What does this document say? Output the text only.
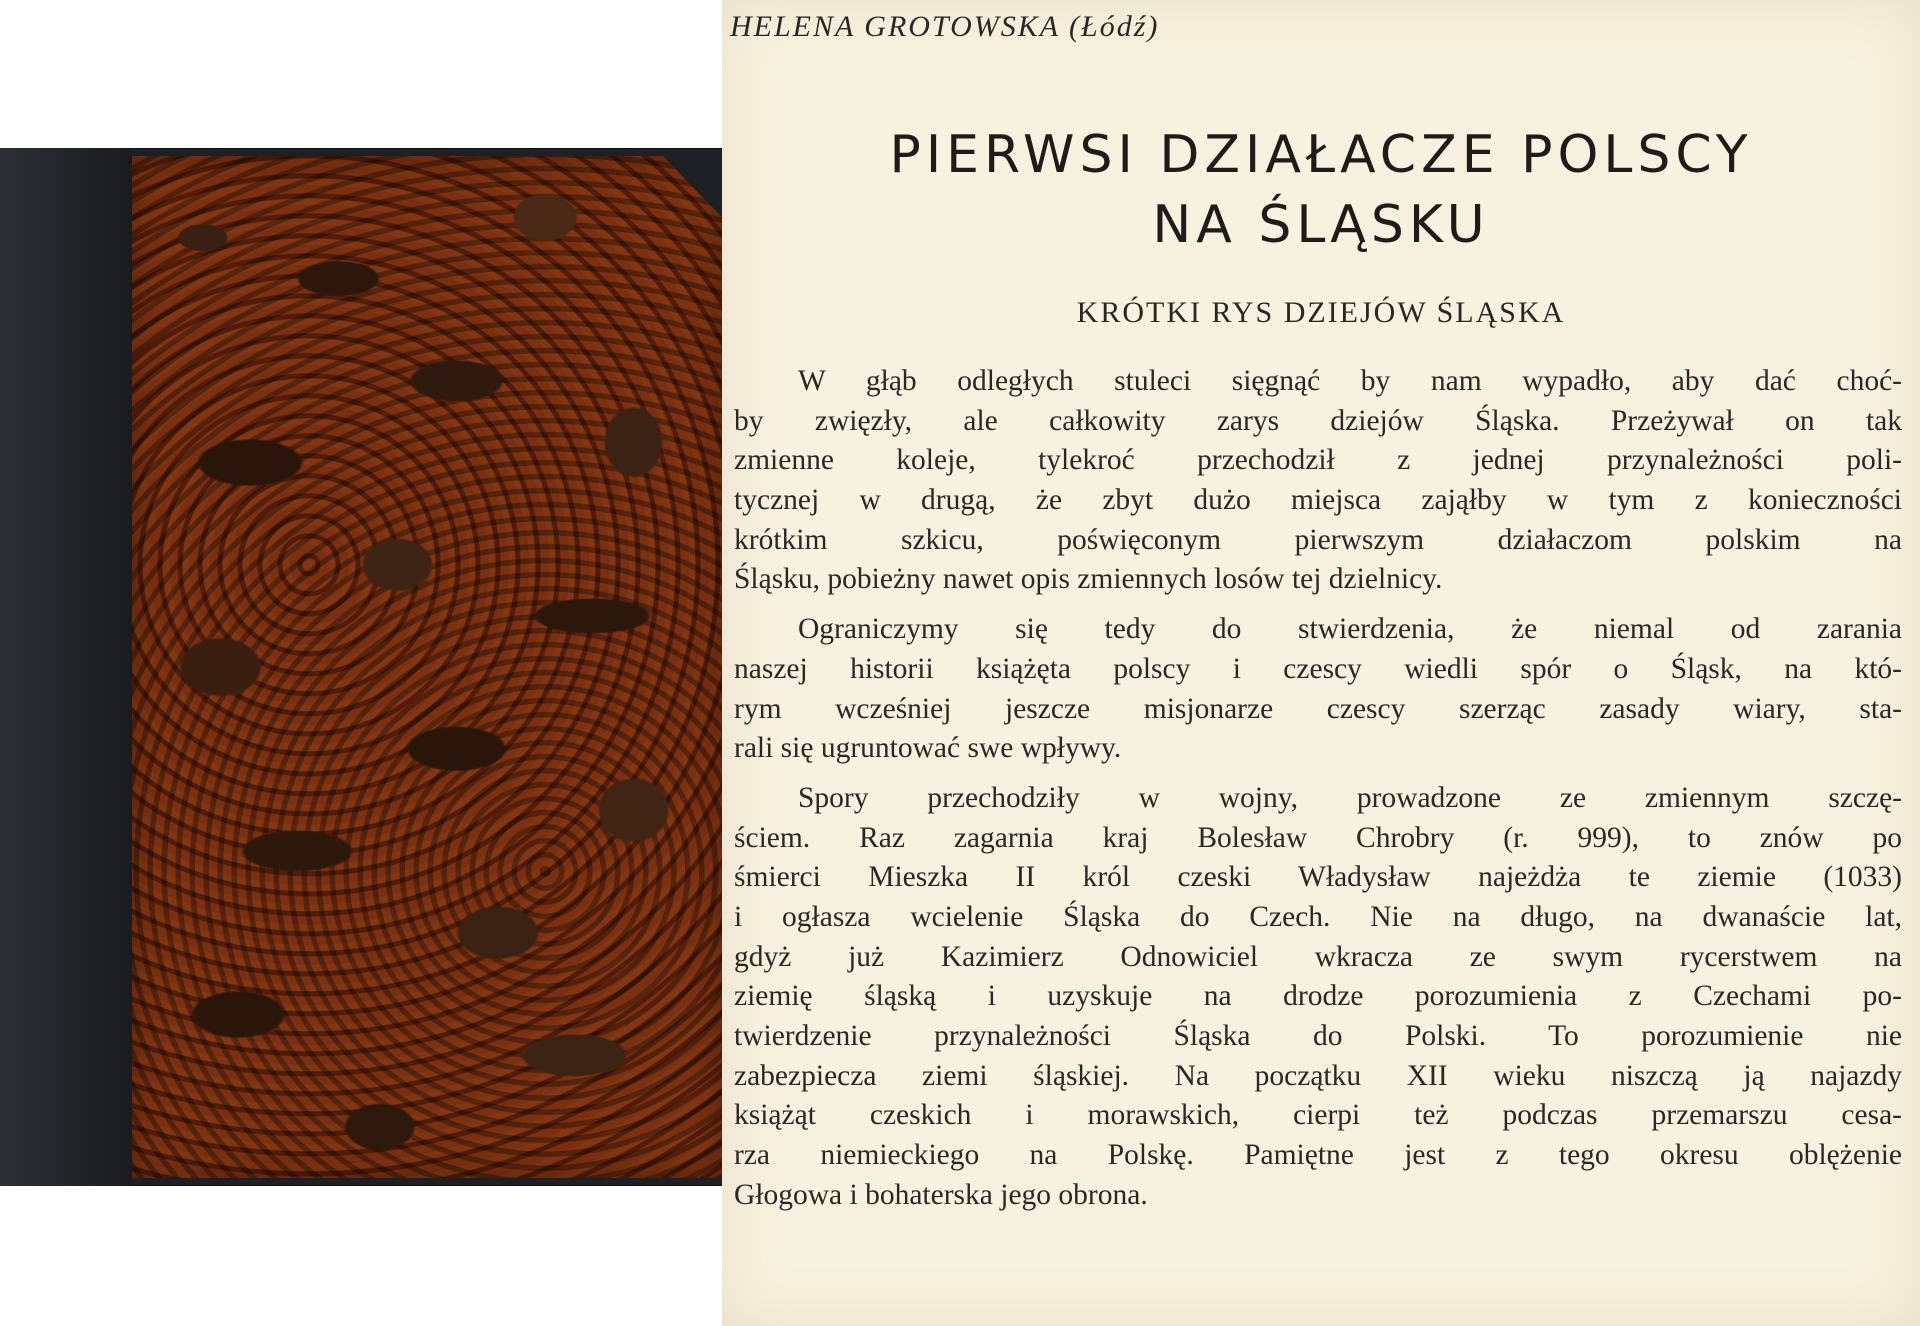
HELENA GROTOWSKA (Łódź)

PIERWSI DZIAŁACZE POLSCY
NA ŚLĄSKU
KRÓTKI RYS DZIEJÓW ŚLĄSKA

W głąb odległych stuleci sięgnąć by nam wypadło, aby dać choć-
by zwięzły, ale całkowity zarys dziejów Śląska. Przeżywał on tak
zmienne koleje, tylekroć przechodził z jednej przynależności poli-
tycznej w drugą, że zbyt dużo miejsca zająłby w tym z konieczności
krótkim szkicu, poświęconym pierwszym działaczom polskim na
Śląsku, pobieżny nawet opis zmiennych losów tej dzielnicy.

Ograniczymy się tedy do stwierdzenia, że niemal od zarania
naszej historii książęta polscy i czescy wiedli spór o Śląsk, na któ-
rym wcześniej jeszcze misjonarze czescy szerząc zasady wiary, sta-
rali się ugruntować swe wpływy.

Spory przechodziły w wojny, prowadzone ze zmiennym szczę-
ściem. Raz zagarnia kraj Bolesław Chrobry (r. 999), to znów po
śmierci Mieszka II król czeski Władysław najeżdża te ziemie (1033)
i ogłasza wcielenie Śląska do Czech. Nie na długo, na dwanaście lat,
gdyż już Kazimierz Odnowiciel wkracza ze swym rycerstwem na
ziemię śląską i uzyskuje na drodze porozumienia z Czechami po-
twierdzenie przynależności Śląska do Polski. To porozumienie nie
zabezpiecza ziemi śląskiej. Na początku XII wieku niszczą ją najazdy
książąt czeskich i morawskich, cierpi też podczas przemarszu cesa-
rza niemieckiego na Polskę. Pamiętne jest z tego okresu oblężenie
Głogowa i bohaterska jego obrona.
